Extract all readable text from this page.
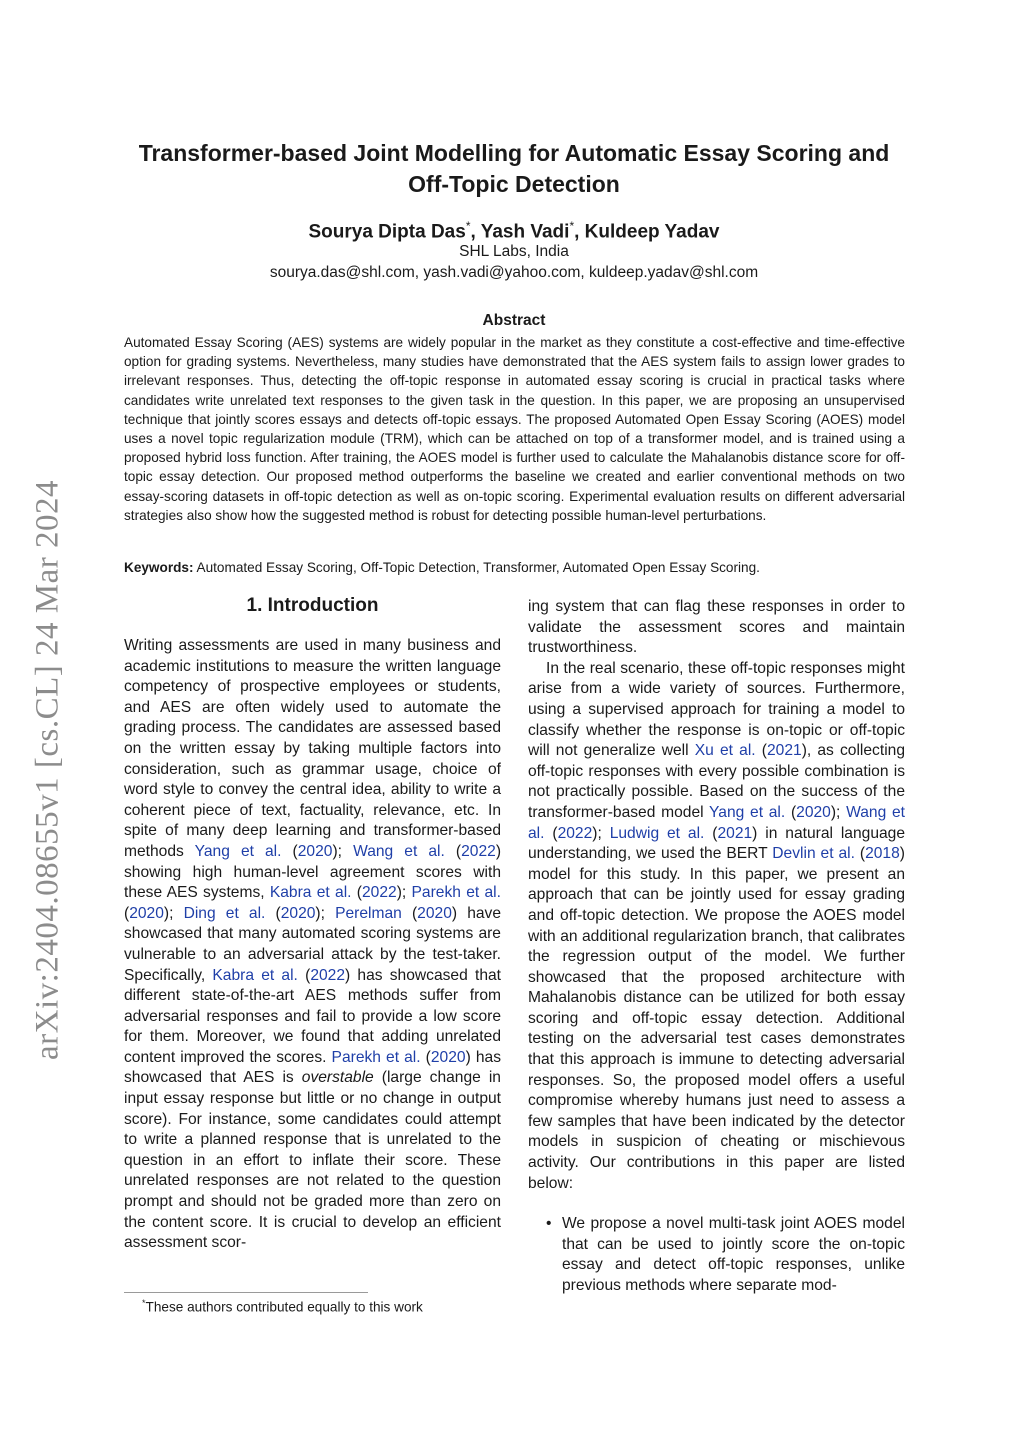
arXiv:2404.08655v1 [cs.CL] 24 Mar 2024
Transformer-based Joint Modelling for Automatic Essay Scoring and Off-Topic Detection
Sourya Dipta Das*, Yash Vadi*, Kuldeep Yadav
SHL Labs, India
sourya.das@shl.com, yash.vadi@yahoo.com, kuldeep.yadav@shl.com
Abstract
Automated Essay Scoring (AES) systems are widely popular in the market as they constitute a cost-effective and time-effective option for grading systems. Nevertheless, many studies have demonstrated that the AES system fails to assign lower grades to irrelevant responses. Thus, detecting the off-topic response in automated essay scoring is crucial in practical tasks where candidates write unrelated text responses to the given task in the question. In this paper, we are proposing an unsupervised technique that jointly scores essays and detects off-topic essays. The proposed Automated Open Essay Scoring (AOES) model uses a novel topic regularization module (TRM), which can be attached on top of a transformer model, and is trained using a proposed hybrid loss function. After training, the AOES model is further used to calculate the Mahalanobis distance score for off-topic essay detection. Our proposed method outperforms the baseline we created and earlier conventional methods on two essay-scoring datasets in off-topic detection as well as on-topic scoring. Experimental evaluation results on different adversarial strategies also show how the suggested method is robust for detecting possible human-level perturbations.
Keywords: Automated Essay Scoring, Off-Topic Detection, Transformer, Automated Open Essay Scoring.
1. Introduction

Writing assessments are used in many business and academic institutions to measure the written language competency of prospective employees or students, and AES are often widely used to automate the grading process. The candidates are assessed based on the written essay by taking multiple factors into consideration, such as grammar usage, choice of word style to convey the central idea, ability to write a coherent piece of text, factuality, relevance, etc. In spite of many deep learning and transformer-based methods Yang et al. (2020); Wang et al. (2022) showing high human-level agreement scores with these AES systems, Kabra et al. (2022); Parekh et al. (2020); Ding et al. (2020); Perelman (2020) have showcased that many automated scoring systems are vulnerable to an adversarial attack by the test-taker. Specifically, Kabra et al. (2022) has showcased that different state-of-the-art AES methods suffer from adversarial responses and fail to provide a low score for them. Moreover, we found that adding unrelated content improved the scores. Parekh et al. (2020) has showcased that AES is overstable (large change in input essay response but little or no change in output score). For instance, some candidates could attempt to write a planned response that is unrelated to the question in an effort to inflate their score. These unrelated responses are not related to the question prompt and should not be graded more than zero on the content score. It is crucial to develop an efficient assessment scor-

ing system that can flag these responses in order to validate the assessment scores and maintain trustworthiness.

In the real scenario, these off-topic responses might arise from a wide variety of sources. Furthermore, using a supervised approach for training a model to classify whether the response is on-topic or off-topic will not generalize well Xu et al. (2021), as collecting off-topic responses with every possible combination is not practically possible. Based on the success of the transformer-based model Yang et al. (2020); Wang et al. (2022); Ludwig et al. (2021) in natural language understanding, we used the BERT Devlin et al. (2018) model for this study. In this paper, we present an approach that can be jointly used for essay grading and off-topic detection. We propose the AOES model with an additional regularization branch, that calibrates the regression output of the model. We further showcased that the proposed architecture with Mahalanobis distance can be utilized for both essay scoring and off-topic essay detection. Additional testing on the adversarial test cases demonstrates that this approach is immune to detecting adversarial responses. So, the proposed model offers a useful compromise whereby humans just need to assess a few samples that have been indicated by the detector models in suspicion of cheating or mischievous activity. Our contributions in this paper are listed below:

• We propose a novel multi-task joint AOES model that can be used to jointly score the on-topic essay and detect off-topic responses, unlike previous methods where separate mod-
*These authors contributed equally to this work
